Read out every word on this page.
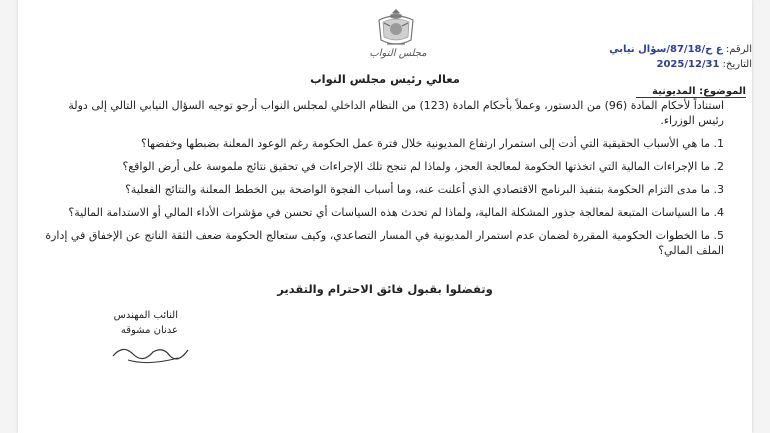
مجلس النواب	الرقم: ع ح/87/18/سؤال نيابي
التاريخ: 2025/12/31
معالي رئيس مجلس النواب
الموضوع: المديونية

استناداً لأحكام المادة (96) من الدستور، وعملاً بأحكام المادة (123) من النظام الداخلي لمجلس النواب أرجو توجيه السؤال النيابي التالي إلى دولة رئيس الوزراء.

1. ما هي الأسباب الحقيقية التي أدت إلى استمرار ارتفاع المديونية خلال فترة عمل الحكومة رغم الوعود المعلنة بضبطها وخفضها؟

2. ما الإجراءات المالية التي اتخذتها الحكومة لمعالجة العجز، ولماذا لم تنجح تلك الإجراءات في تحقيق نتائج ملموسة على أرض الواقع؟

3. ما مدى التزام الحكومة بتنفيذ البرنامج الاقتصادي الذي أعلنت عنه، وما أسباب الفجوة الواضحة بين الخطط المعلنة والنتائج الفعلية؟

4. ما السياسات المتبعة لمعالجة جذور المشكلة المالية، ولماذا لم تحدث هذه السياسات أي تحسن في مؤشرات الأداء المالي أو الاستدامة المالية؟

5. ما الخطوات الحكومية المقررة لضمان عدم استمرار المديونية في المسار التصاعدي، وكيف ستعالج الحكومة ضعف الثقة الناتج عن الإخفاق في إدارة الملف المالي؟

وتفضلوا بقبول فائق الاحترام والتقدير
النائب المهندس
عدنان مشوقه
